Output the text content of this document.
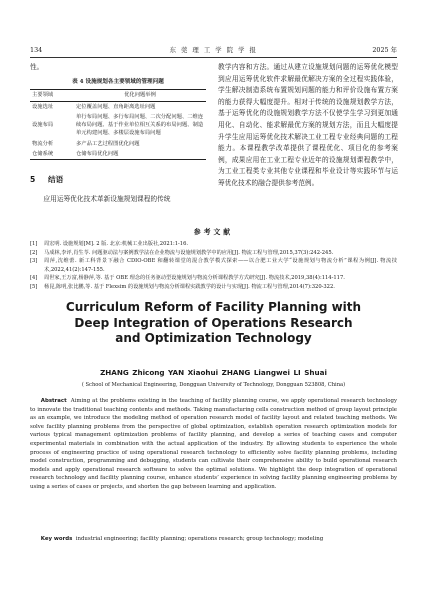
134	东 莞 理 工 学 院 学 报	2025 年

性。

表 4 设施规划各主要领域的管理问题
主要领域	优化问题举例
设施选址	定位覆盖问题、直角距离选址问题
设施布局	单行布局问题、多行布局问题、二次分配问题、二维连续布局问题、基于作业单位相互关系的布局问题、制造单元构建问题、多楼层设施布局问题
物流分析	多产品工艺过程图优化问题
仓储系统	仓储布局优化问题
5 结语

应用运筹优化技术革新设施规划课程的传统

教学内容和方法。通过从建立设施规划问题的运筹优化模型到应用运筹优化软件求解最优解决方案的全过程实践体验，学生解决制造系统布置规划问题的能力和评价设施布置方案的能力获得大幅度提升。相对于传统的设施规划教学方法，基于运筹优化的设施规划教学方法不仅使学生学习到更加通用化、自动化、能求解最优方案的规划方法，而且大幅度提升学生应用运筹优化技术解决工业工程专业经典问题的工程能力。本课程教学改革提供了课程优化、项目化的参考案例，成果应用在工业工程专业近年的设施规划课程教学中，为工业工程类专业其他专业课程和毕业设计等实践环节与运筹优化技术的融合提供参考范例。

参考文献
[1] 周宏明. 设施规划[M]. 2 版. 北京:机械工业出版社,2021:1-16.
[2] 马成林,李评,肖生苓. 问题驱动法与案例教学法在企业物流与设施规划教学中的应用[J]. 物流工程与管理,2015,37(3):242-245.
[3] 周萍,沈维蕾. 新工科背景下融合 CDIO-OBE 和翻转课堂的混合教学模式探索——以合肥工业大学“设施规划与物流分析”课程为例[J]. 物流技术,2022,41(2):147-155.
[4] 周世家,王万富,杨静萍,等. 基于 OBE 理念的任务驱动型设施规划与物流分析课程教学方式研究[J]. 物流技术,2019,38(4):114-117.
[5] 杨昆,陈明,张比鹏,等. 基于 Flexsim 的设施规划与物流分析课程实践教学的设计与实现[J]. 物流工程与管理,2014(7):320-322.
Curriculum Reform of Facility Planning with
Deep Integration of Operations Research
and Optimization Technology
ZHANG Zhicong YAN Xiaohui ZHANG Liangwei LI Shuai
( School of Mechanical Engineering, Dongguan University of Technology, Dongguan 523808, China)
Abstract Aiming at the problems existing in the teaching of facility planning course, we apply operational research technology to innovate the traditional teaching contents and methods. Taking manufacturing cells construction method of group layout principle as an example, we introduce the modeling method of operation research model of facility layout and related teaching methods. We solve facility planning problems from the perspective of global optimization, establish operation research optimization models for various typical management optimization problems of facility planning, and develop a series of teaching cases and computer experimental materials in combination with the actual application of the industry. By allowing students to experience the whole process of engineering practice of using operational research technology to efficiently solve facility planning problems, including model construction, programming and debugging, students can cultivate their comprehensive ability to build operational research models and apply operational research software to solve the optimal solutions. We highlight the deep integration of operational research technology and facility planning course, enhance students’ experience in solving facility planning engineering problems by using a series of cases or projects, and shorten the gap between learning and application.
Key words industrial engineering; facility planning; operations research; group technology; modeling
